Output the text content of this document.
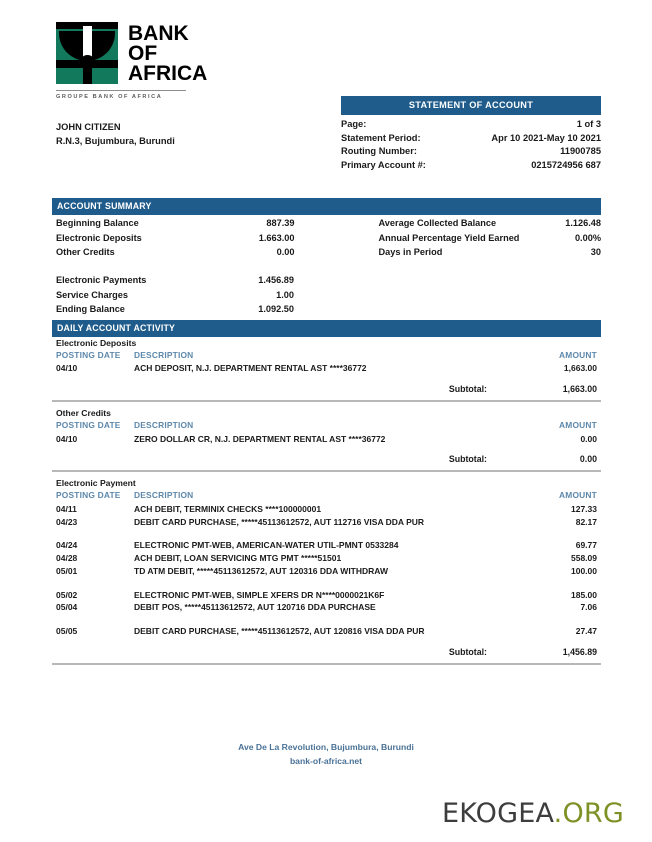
BANK
OF
AFRICA
GROUPE BANK OF AFRICA
JOHN CITIZEN
R.N.3, Bujumbura, Burundi
STATEMENT OF ACCOUNT
Page:	1 of 3
Statement Period:	Apr 10 2021-May 10 2021
Routing Number:	11900785
Primary Account #:	0215724956 687
ACCOUNT SUMMARY
Beginning Balance	887.39
Electronic Deposits	1.663.00
Other Credits	0.00
Average Collected Balance	1.126.48
Annual Percentage Yield Earned	0.00%
Days in Period	30
Electronic Payments	1.456.89
Service Charges	1.00
Ending Balance	1.092.50
DAILY ACCOUNT ACTIVITY
Electronic Deposits
POSTING DATE	DESCRIPTION	AMOUNT
04/10	ACH DEPOSIT, N.J. DEPARTMENT RENTAL AST ****36772	1,663.00
	Subtotal:	1,663.00
Other Credits
POSTING DATE	DESCRIPTION	AMOUNT
04/10	ZERO DOLLAR CR, N.J. DEPARTMENT RENTAL AST ****36772	0.00
	Subtotal:	0.00
Electronic Payment
POSTING DATE	DESCRIPTION	AMOUNT
04/11	ACH DEBIT, TERMINIX CHECKS ****100000001	127.33
04/23	DEBIT CARD PURCHASE, *****45113612572, AUT 112716 VISA DDA PUR	82.17

04/24	ELECTRONIC PMT-WEB, AMERICAN-WATER UTIL-PMNT 0533284	69.77
04/28	ACH DEBIT, LOAN SERVICING MTG PMT *****51501	558.09
05/01	TD ATM DEBIT, *****45113612572, AUT 120316 DDA WITHDRAW	100.00

05/02	ELECTRONIC PMT-WEB, SIMPLE XFERS DR N****0000021K6F	185.00
05/04	DEBIT POS, *****45113612572, AUT 120716 DDA PURCHASE	7.06

05/05	DEBIT CARD PURCHASE, *****45113612572, AUT 120816 VISA DDA PUR	27.47
	Subtotal:	1,456.89
Ave De La Revolution, Bujumbura, Burundi
bank-of-africa.net
EKOGEA.ORG
